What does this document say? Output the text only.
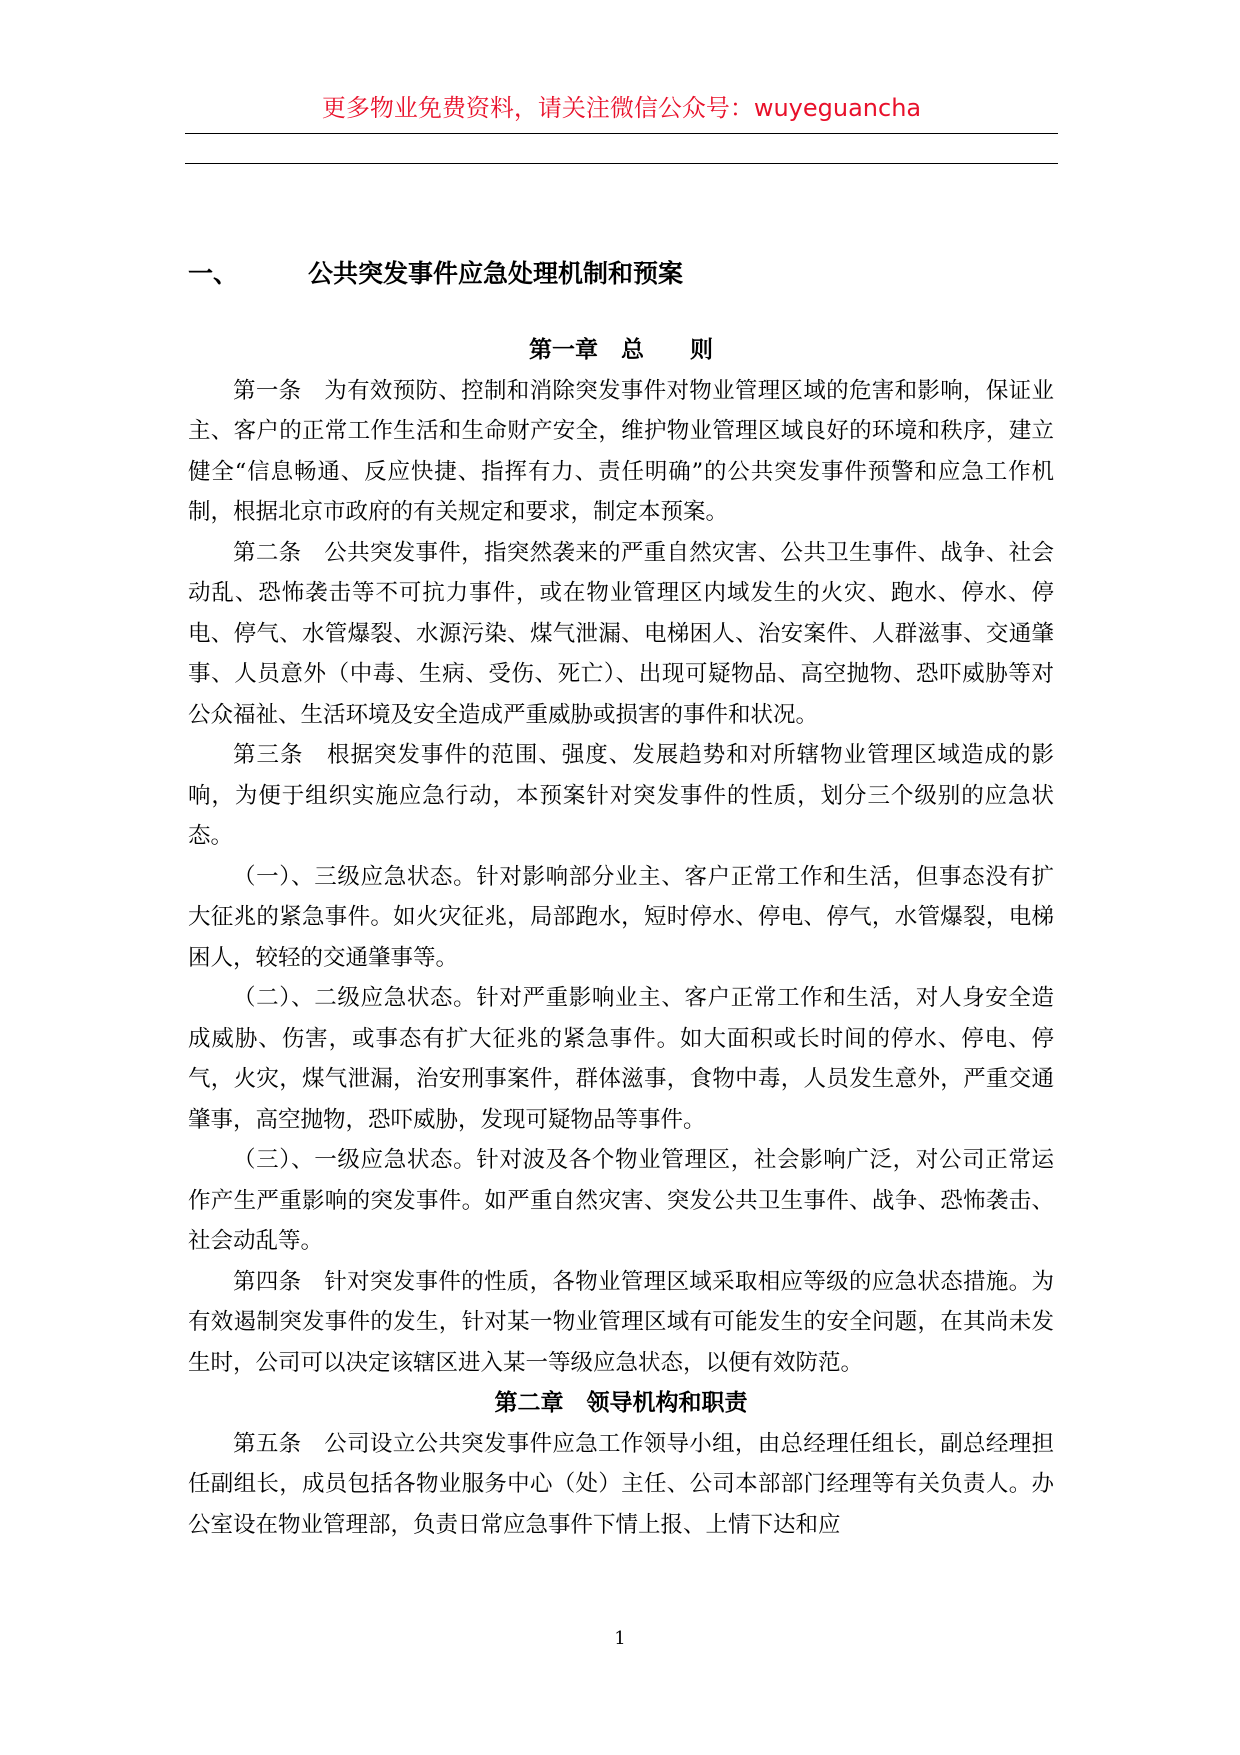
更多物业免费资料，请关注微信公众号：wuyeguancha
一、	公共突发事件应急处理机制和预案
第一章　总　　则

第一条　为有效预防、控制和消除突发事件对物业管理区域的危害和影响，保证业主、客户的正常工作生活和生命财产安全，维护物业管理区域良好的环境和秩序，建立健全“信息畅通、反应快捷、指挥有力、责任明确”的公共突发事件预警和应急工作机制，根据北京市政府的有关规定和要求，制定本预案。

第二条　公共突发事件，指突然袭来的严重自然灾害、公共卫生事件、战争、社会动乱、恐怖袭击等不可抗力事件，或在物业管理区内域发生的火灾、跑水、停水、停电、停气、水管爆裂、水源污染、煤气泄漏、电梯困人、治安案件、人群滋事、交通肇事、人员意外（中毒、生病、受伤、死亡）、出现可疑物品、高空抛物、恐吓威胁等对公众福祉、生活环境及安全造成严重威胁或损害的事件和状况。

第三条　根据突发事件的范围、强度、发展趋势和对所辖物业管理区域造成的影响，为便于组织实施应急行动，本预案针对突发事件的性质，划分三个级别的应急状态。

（一）、三级应急状态。针对影响部分业主、客户正常工作和生活，但事态没有扩大征兆的紧急事件。如火灾征兆，局部跑水，短时停水、停电、停气，水管爆裂，电梯困人，较轻的交通肇事等。

（二）、二级应急状态。针对严重影响业主、客户正常工作和生活，对人身安全造成威胁、伤害，或事态有扩大征兆的紧急事件。如大面积或长时间的停水、停电、停气，火灾，煤气泄漏，治安刑事案件，群体滋事，食物中毒，人员发生意外，严重交通肇事，高空抛物，恐吓威胁，发现可疑物品等事件。

（三）、一级应急状态。针对波及各个物业管理区，社会影响广泛，对公司正常运作产生严重影响的突发事件。如严重自然灾害、突发公共卫生事件、战争、恐怖袭击、社会动乱等。

第四条　针对突发事件的性质，各物业管理区域采取相应等级的应急状态措施。为有效遏制突发事件的发生，针对某一物业管理区域有可能发生的安全问题，在其尚未发生时，公司可以决定该辖区进入某一等级应急状态，以便有效防范。

第二章　领导机构和职责

第五条　公司设立公共突发事件应急工作领导小组，由总经理任组长，副总经理担任副组长，成员包括各物业服务中心（处）主任、公司本部部门经理等有关负责人。办公室设在物业管理部，负责日常应急事件下情上报、上情下达和应

1
